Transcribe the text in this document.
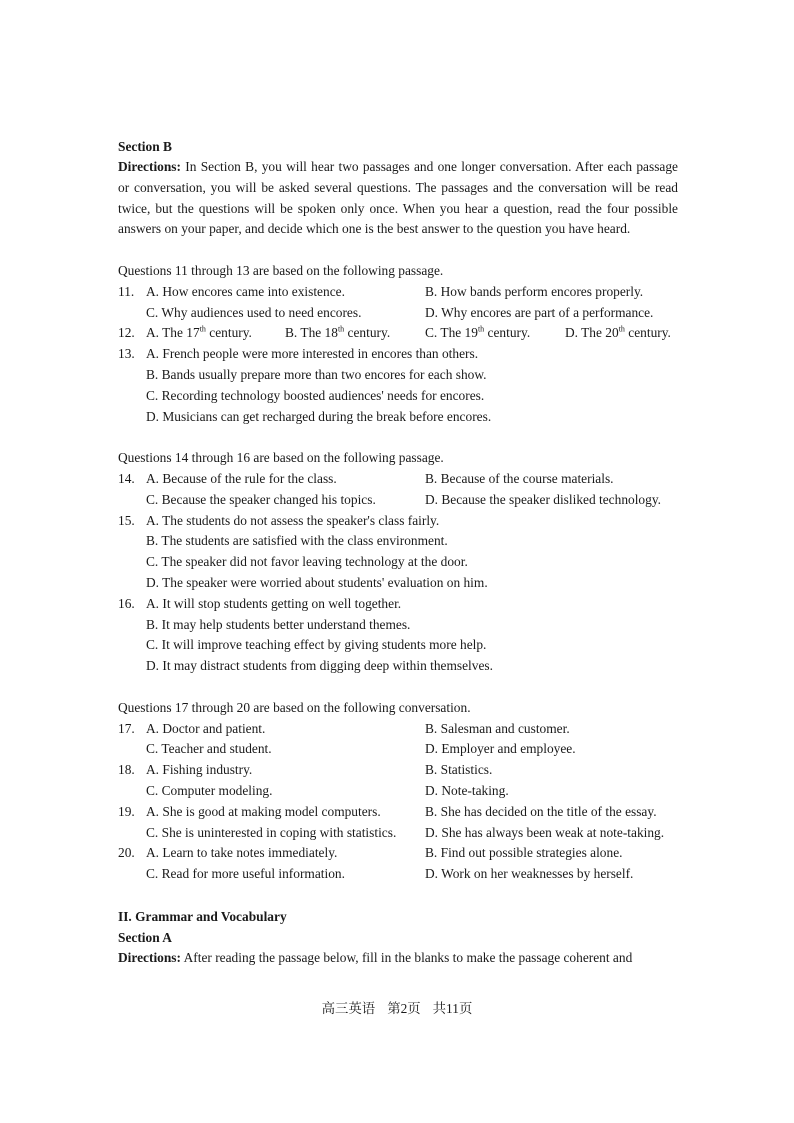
Section B

Directions: In Section B, you will hear two passages and one longer conversation. After each passage or conversation, you will be asked several questions. The passages and the conversation will be read twice, but the questions will be spoken only once. When you hear a question, read the four possible answers on your paper, and decide which one is the best answer to the question you have heard.

Questions 11 through 13 are based on the following passage.
11. A. How encores came into existence.	B. How bands perform encores properly.
C. Why audiences used to need encores.	D. Why encores are part of a performance.
12. A. The 17th century. B. The 18th century.	C. The 19th century.	D. The 20th century.
13. A. French people were more interested in encores than others.
B. Bands usually prepare more than two encores for each show.
C. Recording technology boosted audiences' needs for encores.
D. Musicians can get recharged during the break before encores.
Questions 14 through 16 are based on the following passage.
14. A. Because of the rule for the class.	B. Because of the course materials.
C. Because the speaker changed his topics.	D. Because the speaker disliked technology.
15. A. The students do not assess the speaker's class fairly.
B. The students are satisfied with the class environment.
C. The speaker did not favor leaving technology at the door.
D. The speaker were worried about students' evaluation on him.
16. A. It will stop students getting on well together.
B. It may help students better understand themes.
C. It will improve teaching effect by giving students more help.
D. It may distract students from digging deep within themselves.
Questions 17 through 20 are based on the following conversation.
17. A. Doctor and patient.	B. Salesman and customer.
C. Teacher and student.	D. Employer and employee.
18. A. Fishing industry.	B. Statistics.
C. Computer modeling.	D. Note-taking.
19. A. She is good at making model computers.	B. She has decided on the title of the essay.
C. She is uninterested in coping with statistics. D. She has always been weak at note-taking.
20. A. Learn to take notes immediately.	B. Find out possible strategies alone.
C. Read for more useful information.	D. Work on her weaknesses by herself.
II. Grammar and Vocabulary
Section A

Directions: After reading the passage below, fill in the blanks to make the passage coherent and

高三英语 第2页 共11页
